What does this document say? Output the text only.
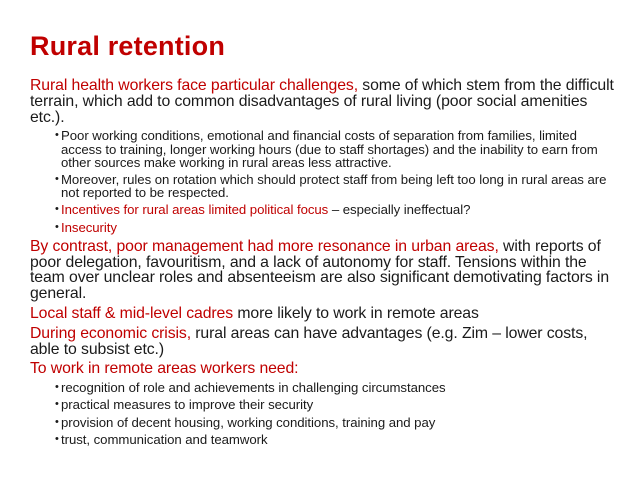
Rural retention

Rural health workers face particular challenges, some of which stem from the difficult terrain, which add to common disadvantages of rural living (poor social amenities etc.).

• Poor working conditions, emotional and financial costs of separation from families, limited access to training, longer working hours (due to staff shortages) and the inability to earn from other sources make working in rural areas less attractive.
• Moreover, rules on rotation which should protect staff from being left too long in rural areas are not reported to be respected.
• Incentives for rural areas limited political focus – especially ineffectual?
• Insecurity

By contrast, poor management had more resonance in urban areas, with reports of poor delegation, favouritism, and a lack of autonomy for staff. Tensions within the team over unclear roles and absenteeism are also significant demotivating factors in general.

Local staff & mid-level cadres more likely to work in remote areas

During economic crisis, rural areas can have advantages (e.g. Zim – lower costs, able to subsist etc.)

To work in remote areas workers need:

• recognition of role and achievements in challenging circumstances
• practical measures to improve their security
• provision of decent housing, working conditions, training and pay
• trust, communication and teamwork
